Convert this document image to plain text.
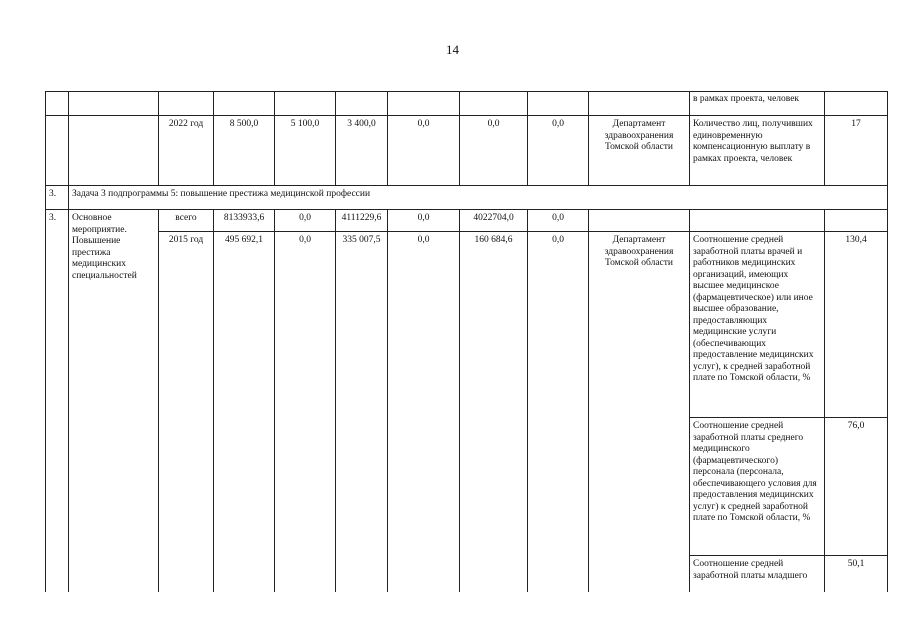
14
										в рамках проекта, человек	
		2022 год	8 500,0	5 100,0	3 400,0	0,0	0,0	0,0	Департамент здравоохранения Томской области	Количество лиц, получивших единовременную компенсационную выплату в рамках проекта, человек	17
3.	Задача 3 подпрограммы 5: повышение престижа медицинской профессии										
3.	Основное мероприятие. Повышение престижа медицинских специальностей	всего	8133933,6	0,0	4111229,6	0,0	4022704,0	0,0			
		2015 год	495 692,1	0,0	335 007,5	0,0	160 684,6	0,0	Департамент здравоохранения Томской области	Соотношение средней заработной платы врачей и работников медицинских организаций, имеющих высшее медицинское (фармацевтическое) или иное высшее образование, предоставляющих медицинские услуги (обеспечивающих предоставление медицинских услуг), к средней заработной плате по Томской области, %	130,4
										Соотношение средней заработной платы среднего медицинского (фармацевтического) персонала (персонала, обеспечивающего условия для предоставления медицинских услуг) к средней заработной плате по Томской области, %	76,0
										Соотношение средней заработной платы младшего	50,1
